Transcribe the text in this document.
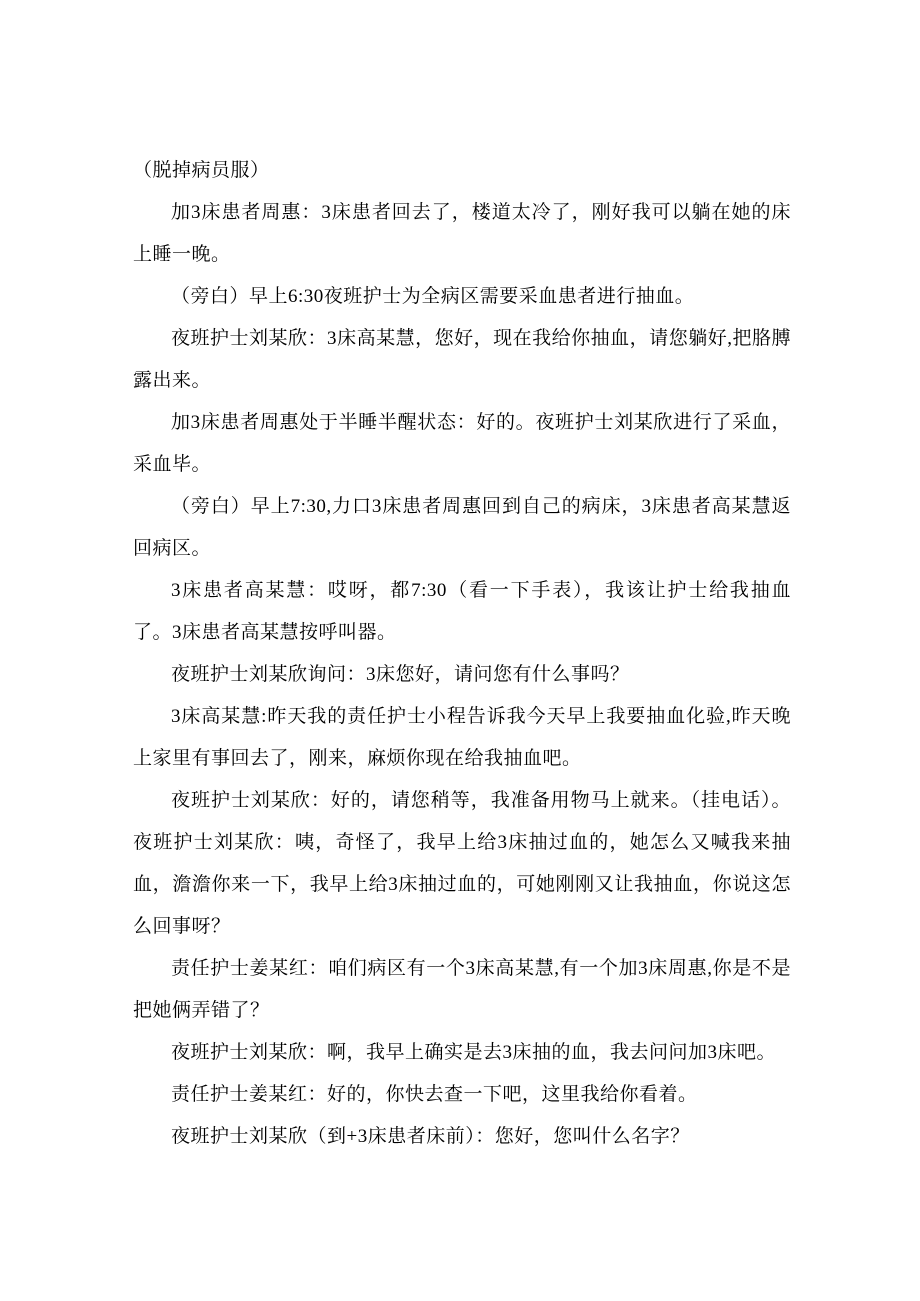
（脱掉病员服）

加3床患者周惠：3床患者回去了，楼道太冷了，刚好我可以躺在她的床上睡一晚。

（旁白）早上6:30夜班护士为全病区需要采血患者进行抽血。

夜班护士刘某欣：3床高某慧，您好，现在我给你抽血，请您躺好,把胳膊露出来。

加3床患者周惠处于半睡半醒状态：好的。夜班护士刘某欣进行了采血，采血毕。

（旁白）早上7:30,力口3床患者周惠回到自己的病床，3床患者高某慧返回病区。

3床患者高某慧：哎呀，都7:30（看一下手表），我该让护士给我抽血了。3床患者高某慧按呼叫器。

夜班护士刘某欣询问：3床您好，请问您有什么事吗？

3床高某慧:昨天我的责任护士小程告诉我今天早上我要抽血化验,昨天晚上家里有事回去了，刚来，麻烦你现在给我抽血吧。

夜班护士刘某欣：好的，请您稍等，我准备用物马上就来。（挂电话）。夜班护士刘某欣：咦，奇怪了，我早上给3床抽过血的，她怎么又喊我来抽血，澹澹你来一下，我早上给3床抽过血的，可她刚刚又让我抽血，你说这怎么回事呀？

责任护士姜某红：咱们病区有一个3床高某慧,有一个加3床周惠,你是不是把她俩弄错了？

夜班护士刘某欣：啊，我早上确实是去3床抽的血，我去问问加3床吧。

责任护士姜某红：好的，你快去查一下吧，这里我给你看着。

夜班护士刘某欣（到+3床患者床前）：您好，您叫什么名字？
